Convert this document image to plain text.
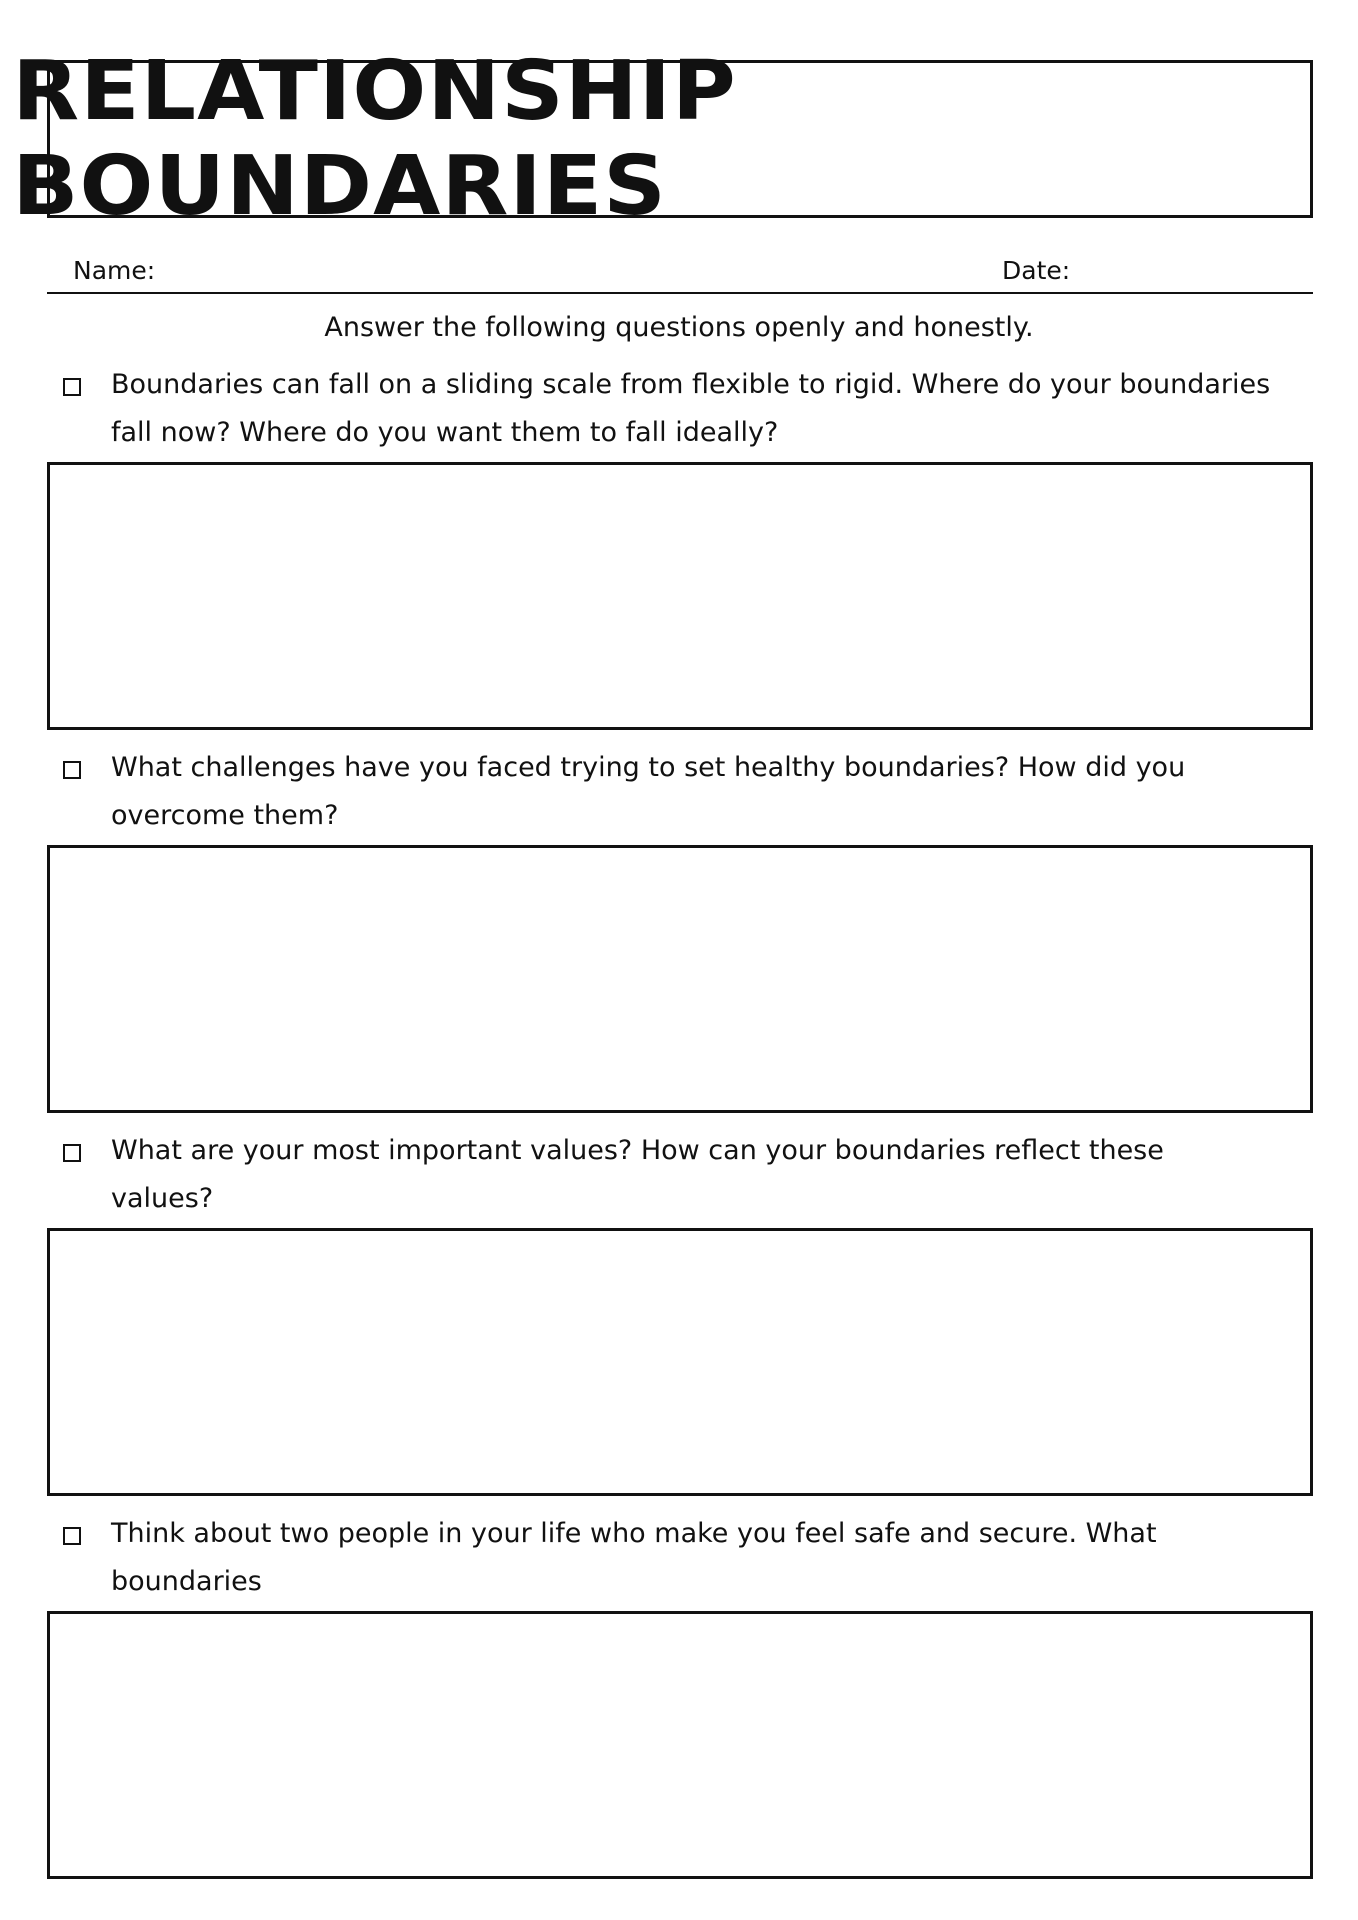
RELATIONSHIP BOUNDARIES
Name:	Date:
Answer the following questions openly and honestly.
Boundaries can fall on a sliding scale from flexible to rigid. Where do your boundaries
fall now? Where do you want them to fall ideally?
What challenges have you faced trying to set healthy boundaries? How did you
overcome them?
What are your most important values? How can your boundaries reflect these
values?
Think about two people in your life who make you feel safe and secure. What boundaries
